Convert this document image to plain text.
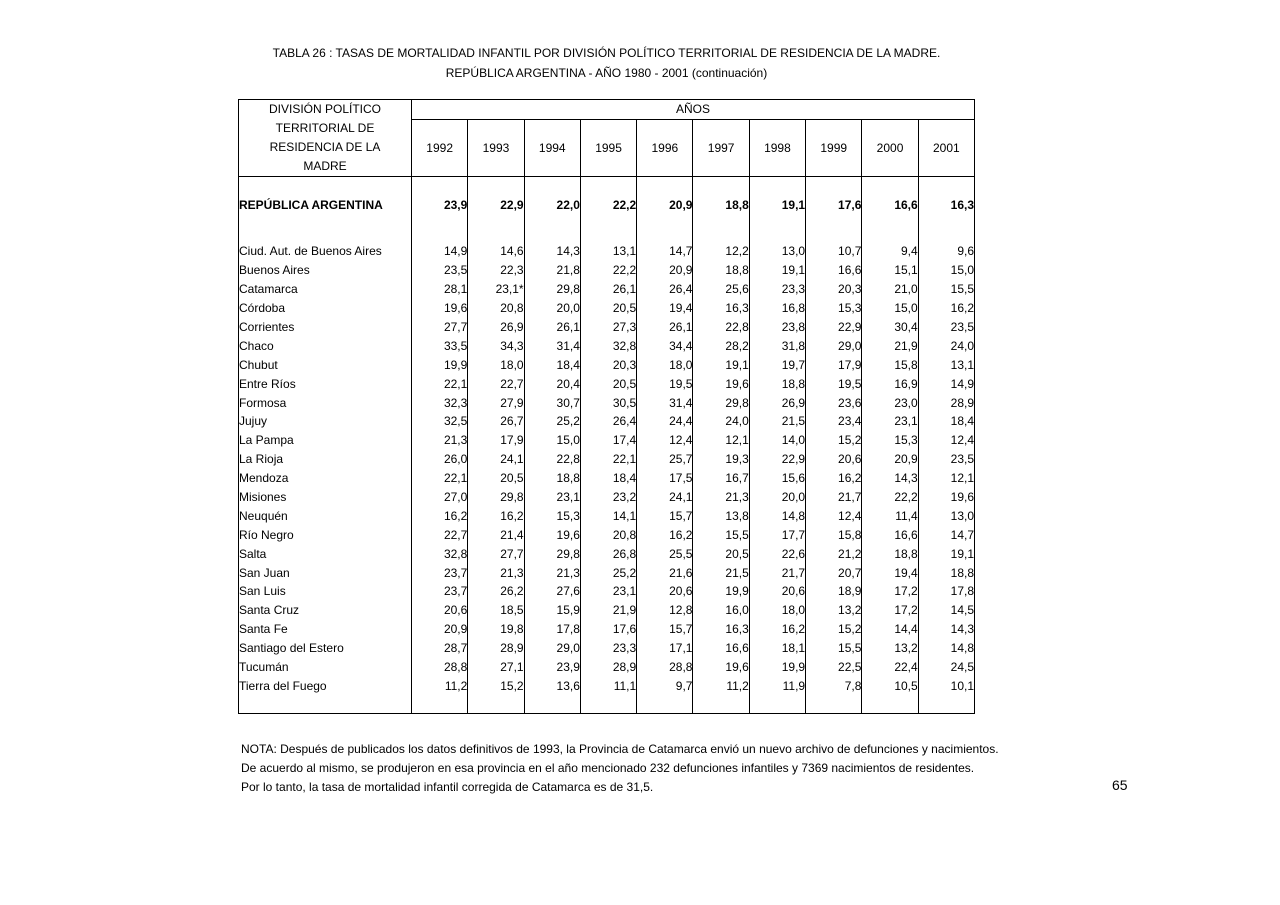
TABLA 26 : TASAS DE MORTALIDAD INFANTIL POR DIVISIÓN POLÍTICO TERRITORIAL DE RESIDENCIA DE LA MADRE.
REPÚBLICA ARGENTINA - AÑO 1980 - 2001 (continuación)
DIVISIÓN POLÍTICO
TERRITORIAL DE
RESIDENCIA DE LA
MADRE	AÑOS									
	1992	1993	1994	1995	1996	1997	1998	1999	2000	2001

REPÚBLICA ARGENTINA	23,9	22,9	22,0	22,2	20,9	18,8	19,1	17,6	16,6	16,3

Ciud. Aut. de Buenos Aires	14,9	14,6	14,3	13,1	14,7	12,2	13,0	10,7	9,4	9,6
Buenos Aires	23,5	22,3	21,8	22,2	20,9	18,8	19,1	16,6	15,1	15,0
Catamarca	28,1	23,1*	29,8	26,1	26,4	25,6	23,3	20,3	21,0	15,5
Córdoba	19,6	20,8	20,0	20,5	19,4	16,3	16,8	15,3	15,0	16,2
Corrientes	27,7	26,9	26,1	27,3	26,1	22,8	23,8	22,9	30,4	23,5
Chaco	33,5	34,3	31,4	32,8	34,4	28,2	31,8	29,0	21,9	24,0
Chubut	19,9	18,0	18,4	20,3	18,0	19,1	19,7	17,9	15,8	13,1
Entre Ríos	22,1	22,7	20,4	20,5	19,5	19,6	18,8	19,5	16,9	14,9
Formosa	32,3	27,9	30,7	30,5	31,4	29,8	26,9	23,6	23,0	28,9
Jujuy	32,5	26,7	25,2	26,4	24,4	24,0	21,5	23,4	23,1	18,4
La Pampa	21,3	17,9	15,0	17,4	12,4	12,1	14,0	15,2	15,3	12,4
La Rioja	26,0	24,1	22,8	22,1	25,7	19,3	22,9	20,6	20,9	23,5
Mendoza	22,1	20,5	18,8	18,4	17,5	16,7	15,6	16,2	14,3	12,1
Misiones	27,0	29,8	23,1	23,2	24,1	21,3	20,0	21,7	22,2	19,6
Neuquén	16,2	16,2	15,3	14,1	15,7	13,8	14,8	12,4	11,4	13,0
Río Negro	22,7	21,4	19,6	20,8	16,2	15,5	17,7	15,8	16,6	14,7
Salta	32,8	27,7	29,8	26,8	25,5	20,5	22,6	21,2	18,8	19,1
San Juan	23,7	21,3	21,3	25,2	21,6	21,5	21,7	20,7	19,4	18,8
San Luis	23,7	26,2	27,6	23,1	20,6	19,9	20,6	18,9	17,2	17,8
Santa Cruz	20,6	18,5	15,9	21,9	12,8	16,0	18,0	13,2	17,2	14,5
Santa Fe	20,9	19,8	17,8	17,6	15,7	16,3	16,2	15,2	14,4	14,3
Santiago del Estero	28,7	28,9	29,0	23,3	17,1	16,6	18,1	15,5	13,2	14,8
Tucumán	28,8	27,1	23,9	28,9	28,8	19,6	19,9	22,5	22,4	24,5
Tierra del Fuego	11,2	15,2	13,6	11,1	9,7	11,2	11,9	7,8	10,5	10,1

NOTA: Después de publicados los datos definitivos de 1993, la Provincia de Catamarca envió un nuevo archivo de defunciones y nacimientos.
De acuerdo al mismo, se produjeron en esa provincia en el año mencionado 232 defunciones infantiles y 7369 nacimientos de residentes.
Por lo tanto, la tasa de mortalidad infantil corregida de Catamarca es de 31,5.	65
